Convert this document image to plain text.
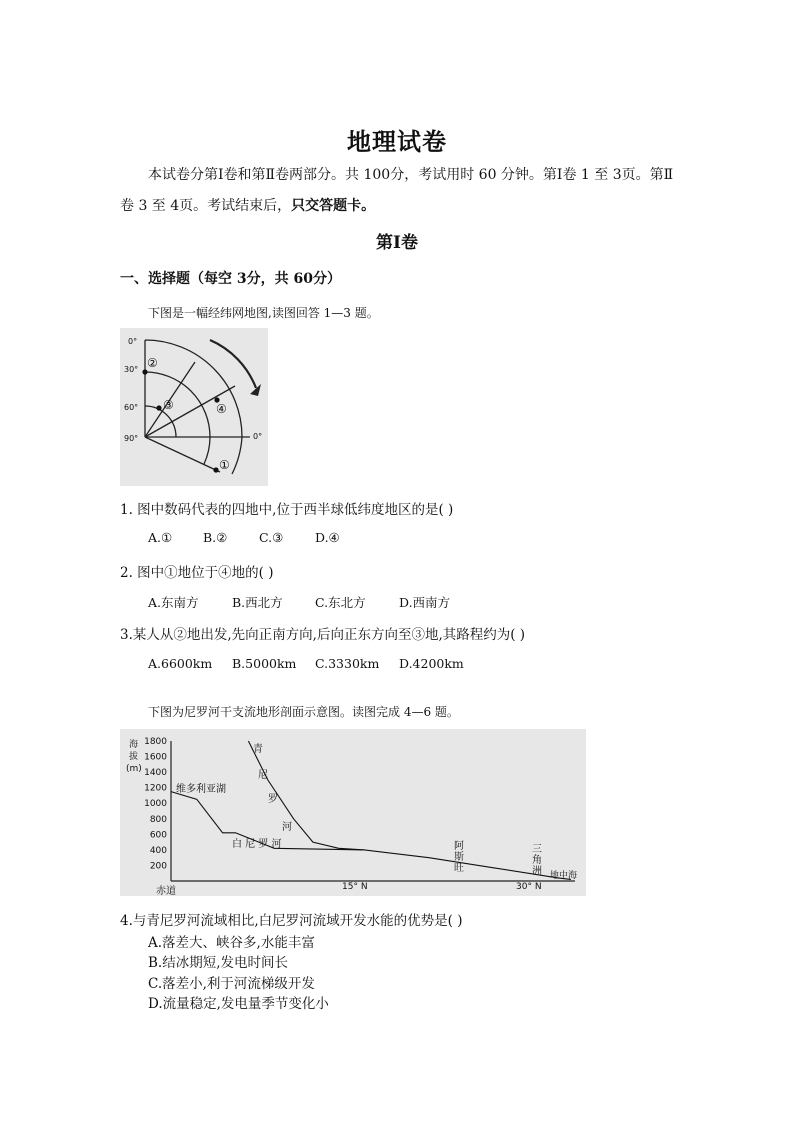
地理试卷
本试卷分第Ⅰ卷和第Ⅱ卷两部分。共 100分，考试用时 60 分钟。第Ⅰ卷 1 至 3页。第Ⅱ
卷 3 至 4页。考试结束后，只交答题卡。
第Ⅰ卷
一、选择题（每空 3分，共 60分）
下图是一幅经纬网地图,读图回答 1—3 题。
0°
30°
60°
90°	0°
②
③	④
①
1. 图中数码代表的四地中,位于西半球低纬度地区的是( )
A.① B.②	C.③	D.④
2. 图中①地位于④地的( )
A.东南方	B.西北方	C.东北方	D.西南方
3.某人从②地出发,先向正南方向,后向正东方向至③地,其路程约为( )
A.6600km B.5000km C.3330km D.4200km
下图为尼罗河干支流地形剖面示意图。读图完成 4—6 题。
海
拔
(m)
1800
1600
1400
1200
1000
800
600
400
200
15° N	30° N
地中海
维多利亚湖
白 尼 罗 河
青
尼
罗
河
阿
斯
旺
三
角
洲
赤道
4.与青尼罗河流域相比,白尼罗河流域开发水能的优势是( )
A.落差大、峡谷多,水能丰富
B.结冰期短,发电时间长
C.落差小,利于河流梯级开发
D.流量稳定,发电量季节变化小
